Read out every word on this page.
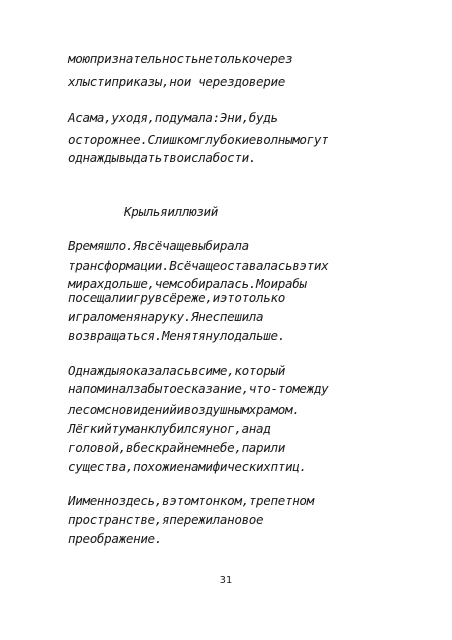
моюпризнательностьнетолькочерез
хлыстиприказы,нои черездоверие
Асама,уходя,подумала:Эни,будь
осторожнее.Слишкомглубокиеволнымогут
однаждывыдатьтвоислабости.
Крыльяиллюзий
Времяшло.Явсёчащевыбирала
трансформации.Всёчащеоставаласьвэтих
мирахдольше,чемсобиралась.Моирабы
посещалиигрувсёреже,иэтотолько
играломенянаруку.Янеспешила
возвращаться.Менятянулодальше.
Однаждыяоказаласьвсиме,который
напоминалзабытоесказание,что-томежду
лесомсновиденийивоздушнымхрамом.
Лёгкийтуманклубилсяуног,анад
головой,вбескрайнемнебе,парили
существа,похожиенамифическихптиц.
Иименноздесь,вэтомтонком,трепетном
пространстве,япережилановое
преображение.
31
